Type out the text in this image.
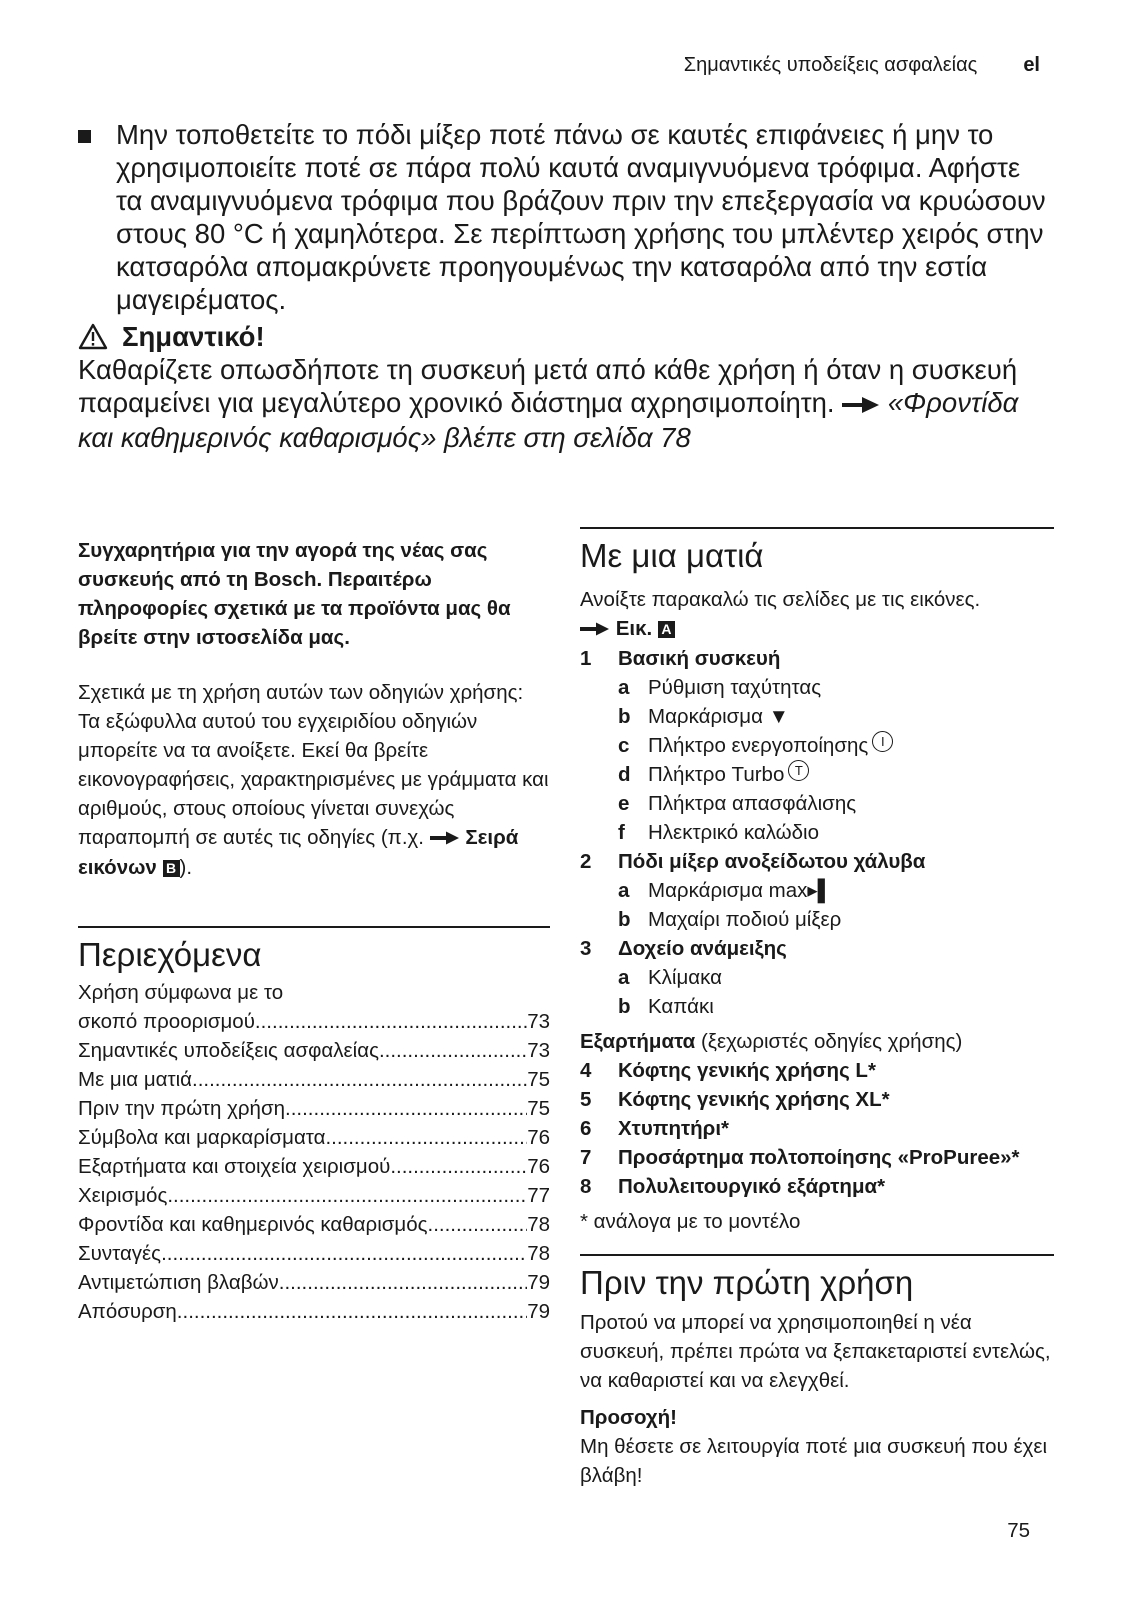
Σημαντικές υποδείξεις ασφαλείας el
Μην τοποθετείτε το πόδι μίξερ ποτέ πάνω σε καυτές επιφάνειες ή μην το χρησιμοποιείτε ποτέ σε πάρα πολύ καυτά αναμιγνυόμενα τρόφιμα. Αφήστε τα αναμιγνυόμενα τρόφιμα που βράζουν πριν την επεξεργασία να κρυώσουν στους 80 °C ή χαμηλότερα. Σε περίπτωση χρήσης του μπλέντερ χειρός στην κατσαρόλα απομακρύνετε προηγουμένως την κατσαρόλα από την εστία μαγειρέματος.
Σημαντικό!
Καθαρίζετε οπωσδήποτε τη συσκευή μετά από κάθε χρήση ή όταν η συσκευή παραμείνει για μεγαλύτερο χρονικό διάστημα αχρησιμοποίητη. «Φροντίδα και καθημερινός καθαρισμός» βλέπε στη σελίδα 78

Συγχαρητήρια για την αγορά της νέας σας συσκευής από τη Bosch. Περαιτέρω πληροφορίες σχετικά με τα προϊόντα μας θα βρείτε στην ιστοσελίδα μας.

Σχετικά με τη χρήση αυτών των οδηγιών χρήσης: Τα εξώφυλλα αυτού του εγχειριδίου οδηγιών μπορείτε να τα ανοίξετε. Εκεί θα βρείτε εικονογραφήσεις, χαρακτηρισμένες με γράμματα και αριθμούς, στους οποίους γίνεται συνεχώς παραπομπή σε αυτές τις οδηγίες (π.χ. Σειρά εικόνων B ).

Περιεχόμενα
Χρήση σύμφωνα με το
σκοπό προορισμού .....	73
Σημαντικές υποδείξεις ασφαλείας .....	73
Με μια ματιά .....	75
Πριν την πρώτη χρήση .....	75
Σύμβολα και μαρκαρίσματα .....	76
Εξαρτήματα και στοιχεία χειρισμού .....	76
Χειρισμός .....	77
Φροντίδα και καθημερινός καθαρισμός .....	78
Συνταγές .....	78
Αντιμετώπιση βλαβών .....	79
Απόσυρση .....	79
Με μια ματιά

Ανοίξτε παρακαλώ τις σελίδες με τις εικόνες.

Εικ. A
1	Βασική συσκευή
a Ρύθμιση ταχύτητας
b Μαρκάρισμα ▼
c Πλήκτρο ενεργοποίησης I
d Πλήκτρο Turbo T
e Πλήκτρα απασφάλισης
f	Ηλεκτρικό καλώδιο
2	Πόδι μίξερ ανοξείδωτου χάλυβα
a Μαρκάρισμα max▸▌
b Μαχαίρι ποδιού μίξερ
3	Δοχείο ανάμειξης
a Κλίμακα
b Καπάκι
Εξαρτήματα (ξεχωριστές οδηγίες χρήσης)
4	Κόφτης γενικής χρήσης L*
5	Κόφτης γενικής χρήσης XL*
6	Χτυπητήρι*
7	Προσάρτημα πολτοποίησης «ProPuree»*
8	Πολυλειτουργικό εξάρτημα*

* ανάλογα με το μοντέλο

Πριν την πρώτη χρήση

Προτού να μπορεί να χρησιμοποιηθεί η νέα συσκευή, πρέπει πρώτα να ξεπακεταριστεί εντελώς, να καθαριστεί και να ελεγχθεί.

Προσοχή!

Μη θέσετε σε λειτουργία ποτέ μια συσκευή που έχει βλάβη!

75
